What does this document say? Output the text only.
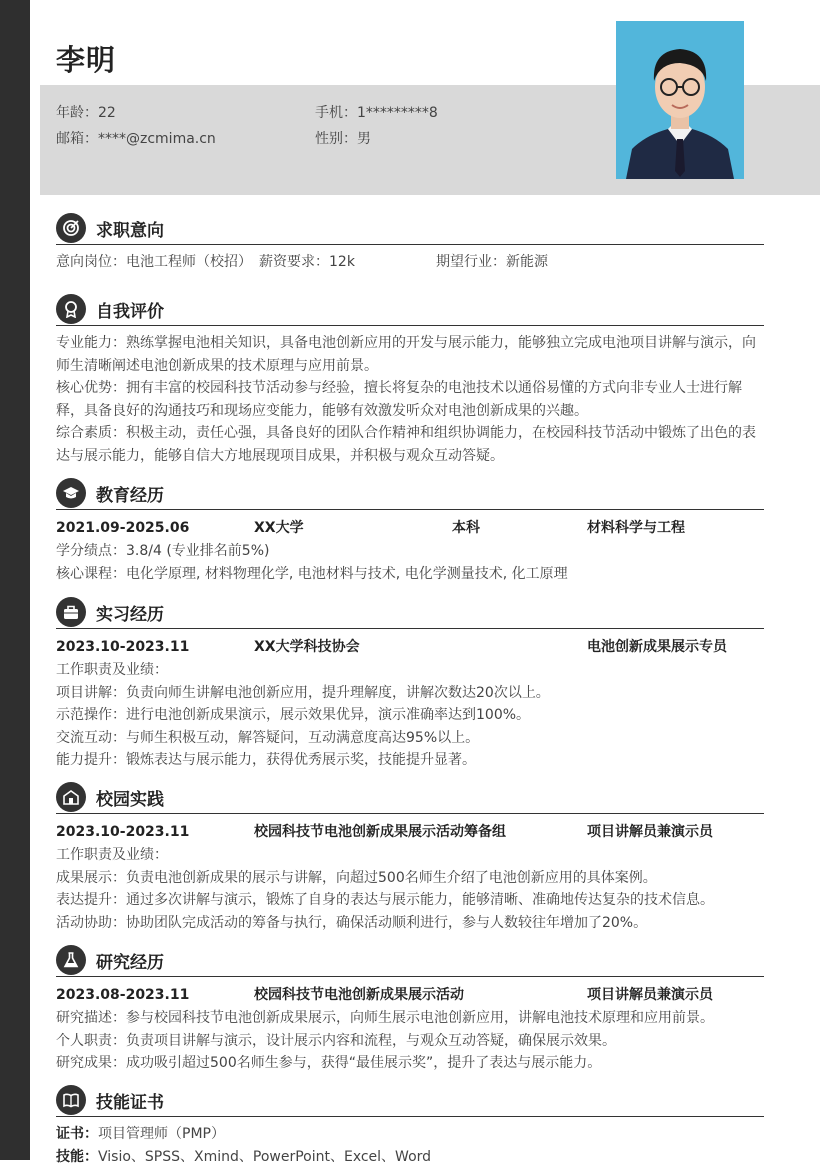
李明
年龄：22	手机：1*********8
邮箱：****@zcmima.cn	性别：男
求职意向
意向岗位：电池工程师（校招） 薪资要求：12k	期望行业：新能源
自我评价
专业能力：熟练掌握电池相关知识，具备电池创新应用的开发与展示能力，能够独立完成电池项目讲解与演示，向师生清晰阐述电池创新成果的技术原理与应用前景。
核心优势：拥有丰富的校园科技节活动参与经验，擅长将复杂的电池技术以通俗易懂的方式向非专业人士进行解释，具备良好的沟通技巧和现场应变能力，能够有效激发听众对电池创新成果的兴趣。
综合素质：积极主动，责任心强，具备良好的团队合作精神和组织协调能力，在校园科技节活动中锻炼了出色的表达与展示能力，能够自信大方地展现项目成果，并积极与观众互动答疑。
教育经历
2021.09-2025.06	XX大学	本科	材料科学与工程
学分绩点：3.8/4 (专业排名前5%)
核心课程：电化学原理, 材料物理化学, 电池材料与技术, 电化学测量技术, 化工原理
实习经历
2023.10-2023.11	XX大学科技协会	电池创新成果展示专员
工作职责及业绩：
项目讲解：负责向师生讲解电池创新应用，提升理解度，讲解次数达20次以上。
示范操作：进行电池创新成果演示，展示效果优异，演示准确率达到100%。
交流互动：与师生积极互动，解答疑问，互动满意度高达95%以上。
能力提升：锻炼表达与展示能力，获得优秀展示奖，技能提升显著。
校园实践
2023.10-2023.11	校园科技节电池创新成果展示活动筹备组	项目讲解员兼演示员
工作职责及业绩：
成果展示：负责电池创新成果的展示与讲解，向超过500名师生介绍了电池创新应用的具体案例。
表达提升：通过多次讲解与演示，锻炼了自身的表达与展示能力，能够清晰、准确地传达复杂的技术信息。
活动协助：协助团队完成活动的筹备与执行，确保活动顺利进行，参与人数较往年增加了20%。
研究经历
2023.08-2023.11	校园科技节电池创新成果展示活动	项目讲解员兼演示员
研究描述：参与校园科技节电池创新成果展示，向师生展示电池创新应用，讲解电池技术原理和应用前景。
个人职责：负责项目讲解与演示，设计展示内容和流程，与观众互动答疑，确保展示效果。
研究成果：成功吸引超过500名师生参与，获得“最佳展示奖”，提升了表达与展示能力。
技能证书
证书：项目管理师（PMP）
技能：Visio、SPSS、Xmind、PowerPoint、Excel、Word
